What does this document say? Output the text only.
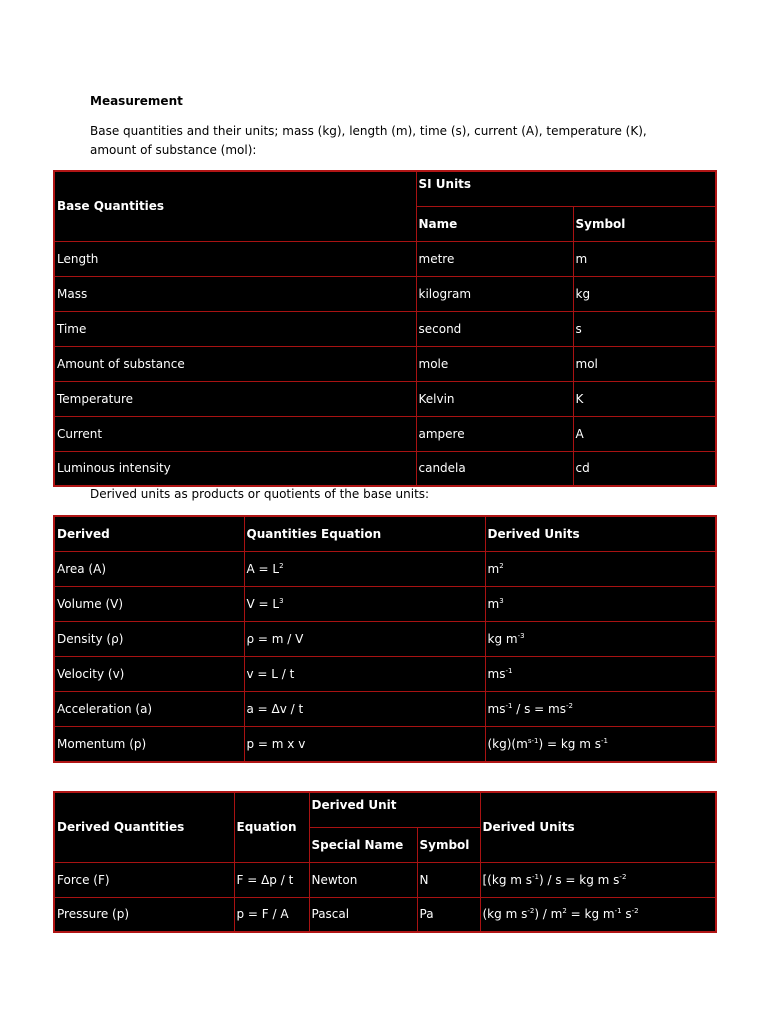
Measurement
Base quantities and their units; mass (kg), length (m), time (s), current (A), temperature (K), amount of substance (mol):
Base Quantities	SI Units	
	Name	Symbol
Length	metre	m
Mass	kilogram	kg
Time	second	s
Amount of substance	mole	mol
Temperature	Kelvin	K
Current	ampere	A
Luminous intensity	candela	cd
Derived units as products or quotients of the base units:
Derived	Quantities Equation	Derived Units
Area (A)	$A = L^2$	$m^2$
Volume (V)	$V = L^3$	$m^3$
Density (ρ)	ρ = m / V	kg $m^{-3}$
Velocity (v)	v = L / t	$ms^{-1}$
Acceleration (a)	a = Δv / t	$ms^{-1} / s = ms^{-2}$
Momentum (p)	p = m x v	$(kg)(m^{s-1})$ = kg m $s^{-1}$
Derived Quantities	Equation	Derived Unit		Derived Units
		Special Name	Symbol	
Force (F)	F = Δp / t	Newton	N	[(kg m $s^{-1}$) / s = kg m $s^{-2}$
Pressure (p)	p = F / A	Pascal	Pa	(kg m $s^{-2}) / m^2$ = kg $m^{-1}$ $s^{-2}$
